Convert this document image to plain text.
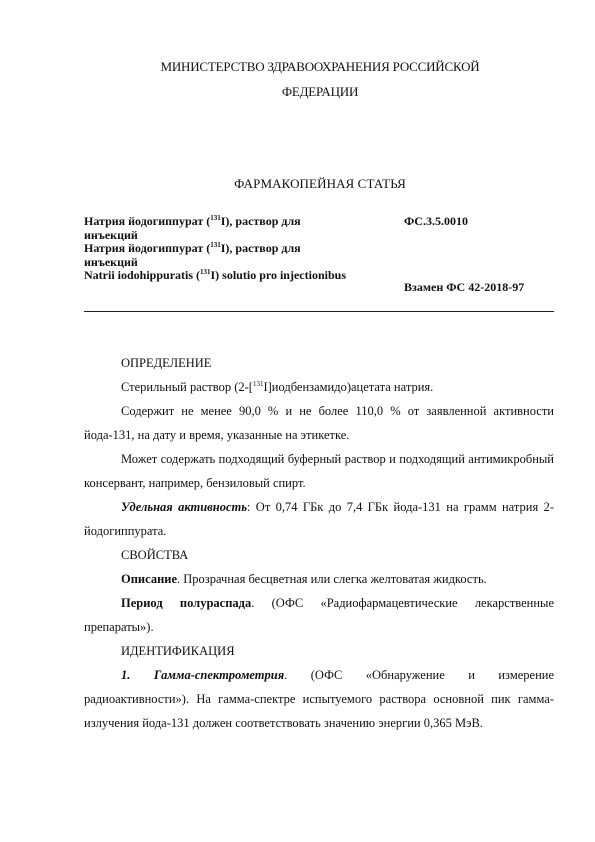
МИНИСТЕРСТВО ЗДРАВООХРАНЕНИЯ РОССИЙСКОЙ
ФЕДЕРАЦИИ
ФАРМАКОПЕЙНАЯ СТАТЬЯ

Натрия йодогиппурат ($^{131}$I), раствор для инъекций

Натрия йодогиппурат ($^{131}$I), раствор для инъекций

Natrii iodohippuratis ($^{131}$I) solutio pro injectionibus

ФС.3.5.0010
Взамен ФС 42-2018-97

ОПРЕДЕЛЕНИЕ

Стерильный раствор (2-[$^{131}$I]иодбензамидо)ацетата натрия.

Содержит не менее 90,0 % и не более 110,0 % от заявленной активности йода-131, на дату и время, указанные на этикетке.

Может содержать подходящий буферный раствор и подходящий антимикробный консервант, например, бензиловый спирт.

Удельная активность: От 0,74 ГБк до 7,4 ГБк йода-131 на грамм натрия 2-йодогиппурата.

СВОЙСТВА

Описание. Прозрачная бесцветная или слегка желтоватая жидкость.

Период полураспада. (ОФС «Радиофармацевтические лекарственные препараты»).

ИДЕНТИФИКАЦИЯ

1. Гамма-спектрометрия. (ОФС «Обнаружение и измерение радиоактивности»). На гамма-спектре испытуемого раствора основной пик гамма-излучения йода-131 должен соответствовать значению энергии 0,365 МэВ.
